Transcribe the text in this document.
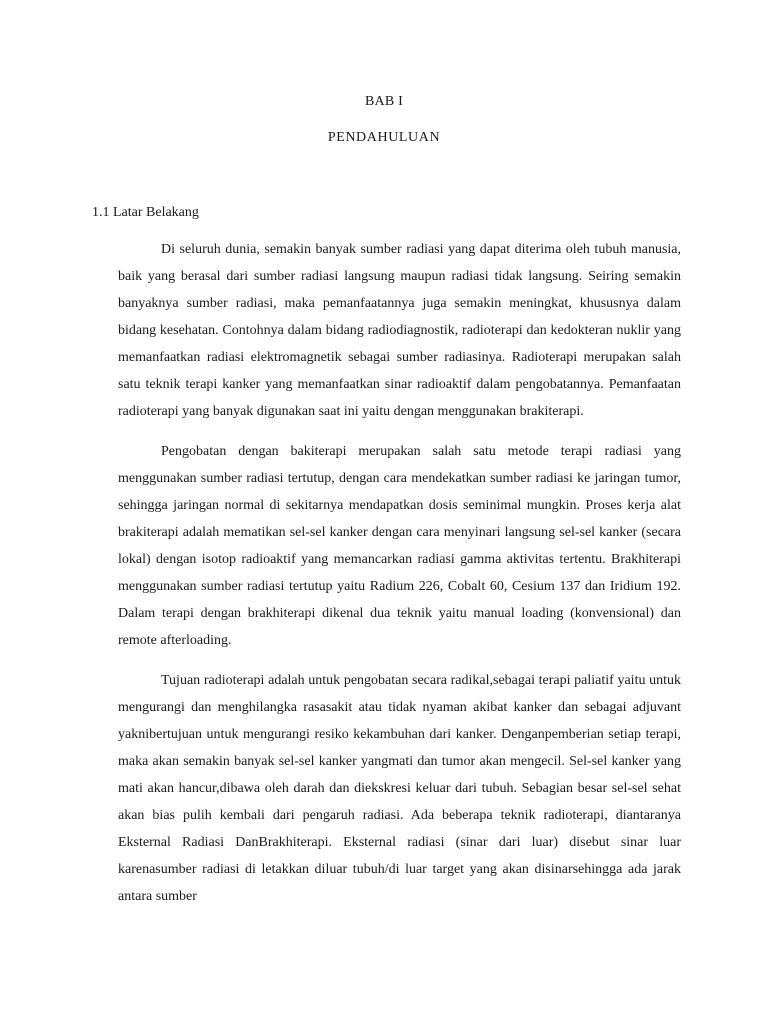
BAB I
PENDAHULUAN
1.1 Latar Belakang

Di seluruh dunia, semakin banyak sumber radiasi yang dapat diterima oleh tubuh manusia, baik yang berasal dari sumber radiasi langsung maupun radiasi tidak langsung. Seiring semakin banyaknya sumber radiasi, maka pemanfaatannya juga semakin meningkat, khususnya dalam bidang kesehatan. Contohnya dalam bidang radiodiagnostik, radioterapi dan kedokteran nuklir yang memanfaatkan radiasi elektromagnetik sebagai sumber radiasinya. Radioterapi merupakan salah satu teknik terapi kanker yang memanfaatkan sinar radioaktif dalam pengobatannya. Pemanfaatan radioterapi yang banyak digunakan saat ini yaitu dengan menggunakan brakiterapi.

Pengobatan dengan bakiterapi merupakan salah satu metode terapi radiasi yang menggunakan sumber radiasi tertutup, dengan cara mendekatkan sumber radiasi ke jaringan tumor, sehingga jaringan normal di sekitarnya mendapatkan dosis seminimal mungkin. Proses kerja alat brakiterapi adalah mematikan sel-sel kanker dengan cara menyinari langsung sel-sel kanker (secara lokal) dengan isotop radioaktif yang memancarkan radiasi gamma aktivitas tertentu. Brakhiterapi menggunakan sumber radiasi tertutup yaitu Radium 226, Cobalt 60, Cesium 137 dan Iridium 192. Dalam terapi dengan brakhiterapi dikenal dua teknik yaitu manual loading (konvensional) dan remote afterloading.

Tujuan radioterapi adalah untuk pengobatan secara radikal,sebagai terapi paliatif yaitu untuk mengurangi dan menghilangka rasasakit atau tidak nyaman akibat kanker dan sebagai adjuvant yaknibertujuan untuk mengurangi resiko kekambuhan dari kanker. Denganpemberian setiap terapi, maka akan semakin banyak sel-sel kanker yangmati dan tumor akan mengecil. Sel-sel kanker yang mati akan hancur,dibawa oleh darah dan diekskresi keluar dari tubuh. Sebagian besar sel-sel sehat akan bias pulih kembali dari pengaruh radiasi. Ada beberapa teknik radioterapi, diantaranya Eksternal Radiasi DanBrakhiterapi. Eksternal radiasi (sinar dari luar) disebut sinar luar karenasumber radiasi di letakkan diluar tubuh/di luar target yang akan disinarsehingga ada jarak antara sumber
